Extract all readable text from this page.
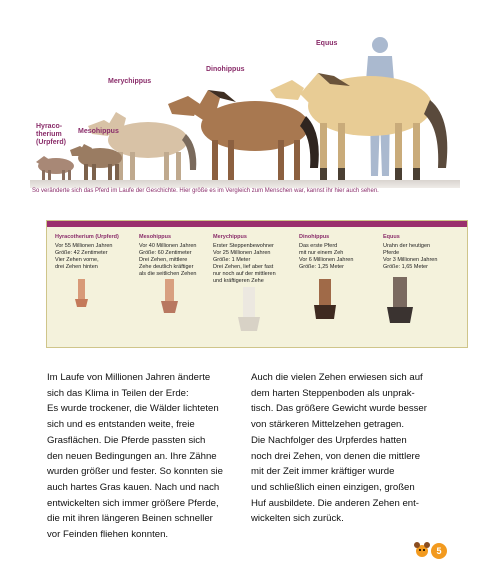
Equus
Dinohippus
Merychippus
Mesohippus
Hyraco-
therium
(Urpferd)
So veränderte sich das Pferd im Laufe der Geschichte. Hier größe es im Vergleich zum Menschen war, kannst ihr hier auch sehen.
Hyracotherium (Urpferd)
Vor 55 Millionen Jahren
Größe: 42 Zentimeter
Vier Zehen vorne,
drei Zehen hinten
Mesohippus
Vor 40 Millionen Jahren
Größe: 60 Zentimeter
Drei Zehen, mittlere
Zehe deutlich kräftiger
als die seitlichen Zehen
Merychippus
Erster Steppenbewohner
Vor 25 Millionen Jahren
Größe: 1 Meter
Drei Zehen, lief aber fast
nur noch auf der mittleren
und kräftigeren Zehe
Dinohippus
Das erste Pferd
mit nur einem Zeh
Vor 6 Millionen Jahren
Größe: 1,25 Meter
Equus
Urahn der heutigen
Pferde
Vor 3 Millionen Jahren
Größe: 1,65 Meter
Im Laufe von Millionen Jahren änderte
sich das Klima in Teilen der Erde:
Es wurde trockener, die Wälder lichteten
sich und es entstanden weite, freie
Grasflächen. Die Pferde passten sich
den neuen Bedingungen an. Ihre Zähne
wurden größer und fester. So konnten sie
auch hartes Gras kauen. Nach und nach
entwickelten sich immer größere Pferde,
die mit ihren längeren Beinen schneller
vor Feinden fliehen konnten.
Auch die vielen Zehen erwiesen sich auf
dem harten Steppenboden als unprak-
tisch. Das größere Gewicht wurde besser
von stärkeren Mittelzehen getragen.
Die Nachfolger des Urpferdes hatten
noch drei Zehen, von denen die mittlere
mit der Zeit immer kräftiger wurde
und schließlich einen einzigen, großen
Huf ausbildete. Die anderen Zehen ent-
wickelten sich zurück.
5
